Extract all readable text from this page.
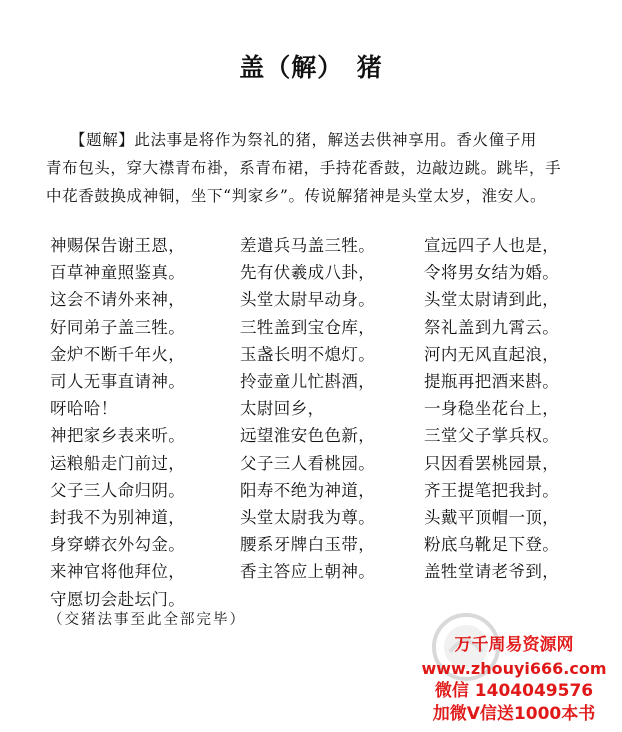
盖（解）　猪
【题解】此法事是将作为祭礼的猪，解送去供神享用。香火僮子用
青布包头，穿大襟青布褂，系青布裙，手持花香鼓，边敲边跳。跳毕，手
中花香鼓换成神铜，坐下“判家乡”。传说解猪神是头堂太岁，淮安人。
神赐保告谢王恩，
百草神童照鉴真。
这会不请外来神，
好同弟子盖三牲。
金炉不断千年火，
司人无事直请神。
呀哈哈！
神把家乡表来听。
运粮船走门前过，
父子三人命归阴。
封我不为别神道，
身穿蟒衣外勾金。
来神官将他拜位，
守愿切会赴坛门。
差遣兵马盖三牲。
先有伏羲成八卦，
头堂太尉早动身。
三牲盖到宝仓库，
玉盏长明不熄灯。
拎壶童儿忙斟酒，
太尉回乡，
远望淮安色色新，
父子三人看桃园。
阳寿不绝为神道，
头堂太尉我为尊。
腰系牙牌白玉带，
香主答应上朝神。
宣远四子人也是，
令将男女结为婚。
头堂太尉请到此，
祭礼盖到九霄云。
河内无风直起浪，
提瓶再把酒来斟。
一身稳坐花台上，
三堂父子掌兵权。
只因看罢桃园景，
齐王提笔把我封。
头戴平顶帽一顶，
粉底乌靴足下登。
盖牲堂请老爷到，
（交猪法事至此全部完毕）
万千周易资源网
www.zhouyi666.com
微信 1404049576
加微V信送1000本书
